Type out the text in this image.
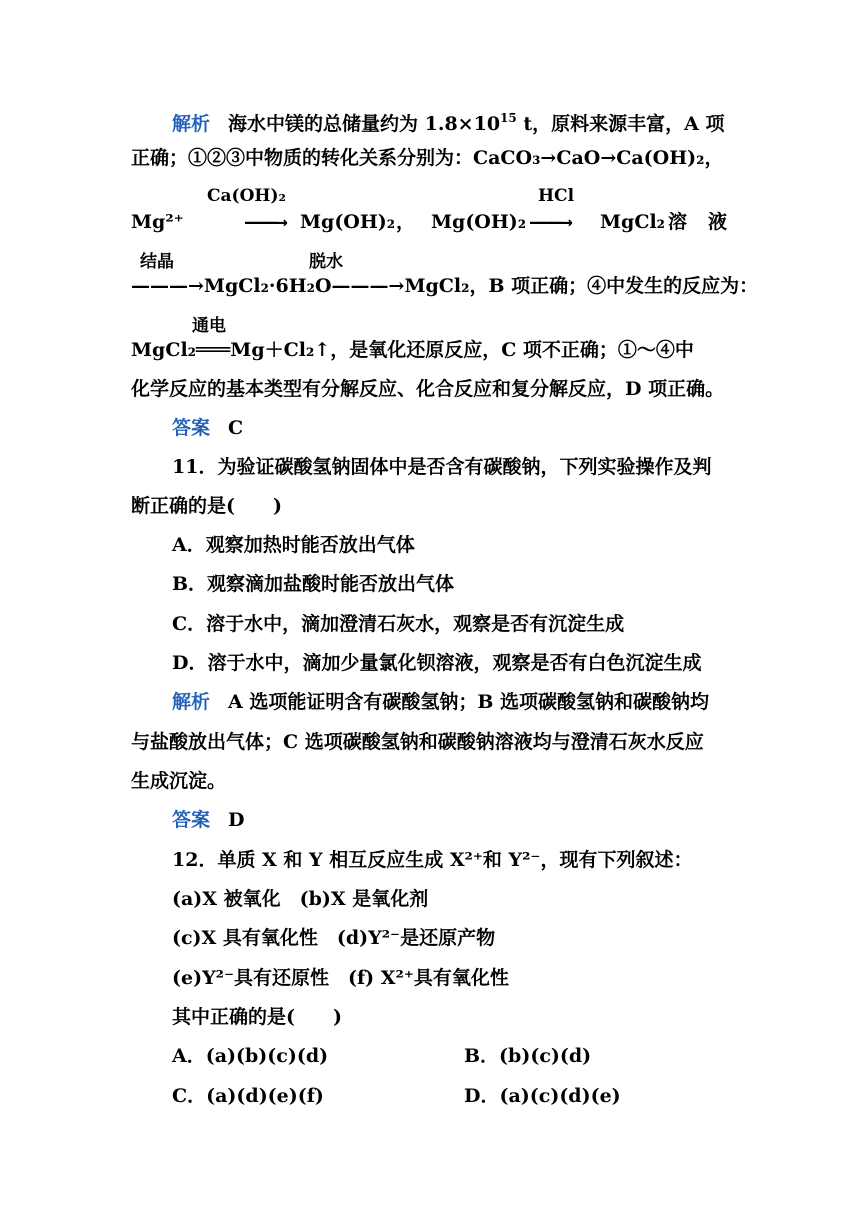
解析 海水中镁的总储量约为 $1.8\times 10^{15}$ t，原料来源丰富，A 项
正确；①②③中物质的转化关系分别为：CaCO₃→CaO→Ca(OH)₂，
Ca(OH)₂	HCl
Mg²⁺	———→ Mg(OH)₂ ， Mg(OH)₂ ———→ MgCl₂ 溶 液
结晶	脱水
———→MgCl₂·6H₂O———→MgCl₂，B 项正确；④中发生的反应为：
通电
MgCl₂═══Mg＋Cl₂↑，是氧化还原反应，C 项不正确；①～④中
化学反应的基本类型有分解反应、化合反应和复分解反应，D 项正确。
答案 C
11．为验证碳酸氢钠固体中是否含有碳酸钠，下列实验操作及判
断正确的是(　　)
A．观察加热时能否放出气体
B．观察滴加盐酸时能否放出气体
C．溶于水中，滴加澄清石灰水，观察是否有沉淀生成
D．溶于水中，滴加少量氯化钡溶液，观察是否有白色沉淀生成
解析 A 选项能证明含有碳酸氢钠；B 选项碳酸氢钠和碳酸钠均
与盐酸放出气体；C 选项碳酸氢钠和碳酸钠溶液均与澄清石灰水反应
生成沉淀。
答案 D
12．单质 X 和 Y 相互反应生成 X²⁺和 Y²⁻，现有下列叙述：
(a)X 被氧化　(b)X 是氧化剂
(c)X 具有氧化性　(d)Y²⁻是还原产物
(e)Y²⁻具有还原性　(f) X²⁺具有氧化性
其中正确的是(　　)
A．(a)(b)(c)(d)	B．(b)(c)(d)
C．(a)(d)(e)(f)	D．(a)(c)(d)(e)
